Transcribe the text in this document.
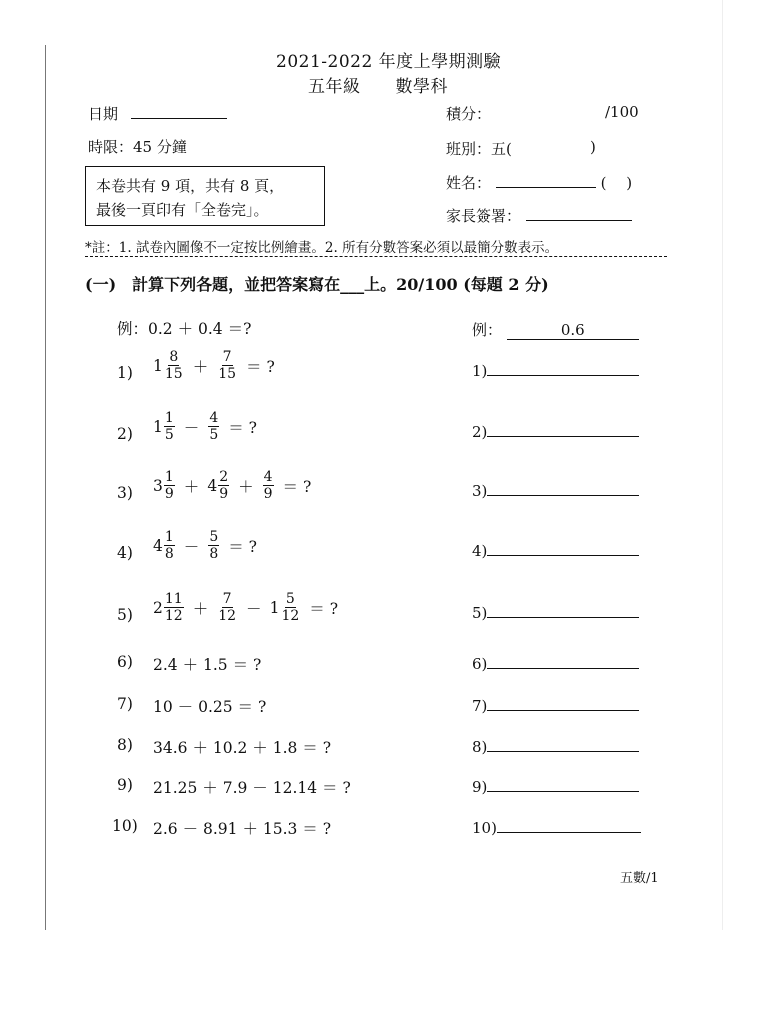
2021-2022 年度上學期測驗
五年級　　數學科
日期
時限：45 分鐘
積分：	/100
班別：五(	)
姓名：	(　 )
家長簽署：
本卷共有 9 項，共有 8 頁，
最後一頁印有「全卷完」。
*註：1. 試卷內圖像不一定按比例繪畫。2. 所有分數答案必須以最簡分數表示。
(一)　計算下列各題，並把答案寫在___上。20/100 (每題 2 分)
例：0.2 ＋ 0.4 ＝?	例：	0.6
1) $1 \frac{8}{15} + \frac{7}{15}$ ＝ ?	1)
2) $1 \frac{1}{5} - \frac{4}{5}$ ＝ ?	2)
3) $3 \frac{1}{9} + 4 \frac{2}{9} + \frac{4}{9}$ ＝ ?	3)
4) $4 \frac{1}{8} - \frac{5}{8}$ ＝ ?	4)
5) $2 \frac{11}{12} + \frac{7}{12} - 1 \frac{5}{12}$ ＝ ?	5)
6) 2.4 ＋ 1.5 ＝ ?	6)
7) 10 － 0.25 ＝ ?	7)
8) 34.6 ＋ 10.2 ＋ 1.8 ＝ ?	8)
9) 21.25 ＋ 7.9 － 12.14 ＝ ?	9)
10) 2.6 － 8.91 ＋ 15.3 ＝ ?	10)
五數/1
